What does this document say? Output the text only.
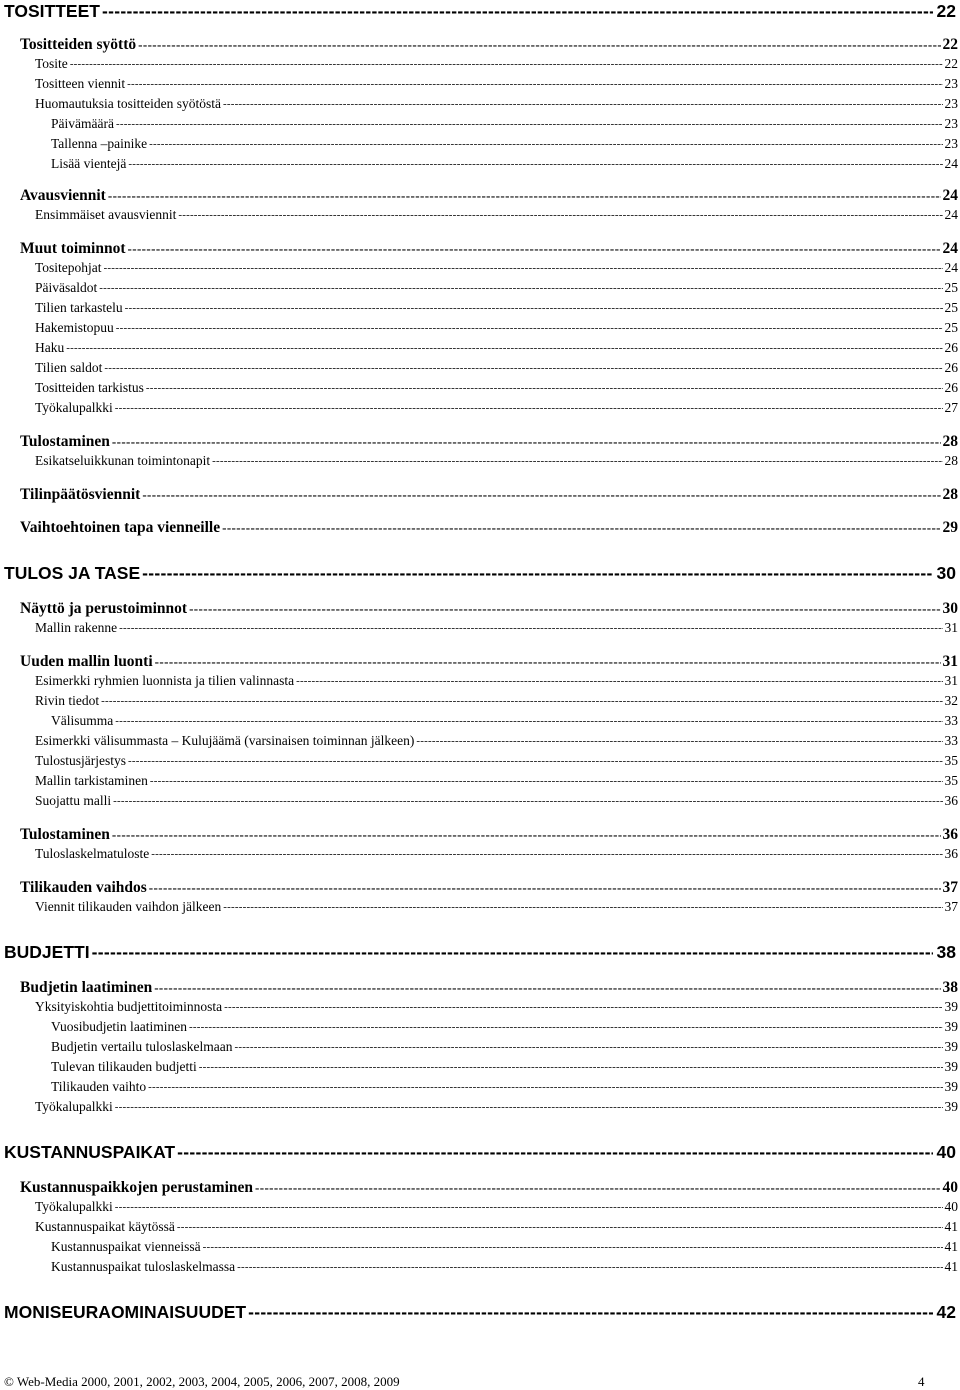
TOSITTEET -----	22
Tositteiden syöttö -----	22
Tosite -----	22
Tositteen viennit -----	23
Huomautuksia tositteiden syötöstä -----	23
Päivämäärä -----	23
Tallenna –painike -----	23
Lisää vientejä -----	24
Avausviennit -----	24
Ensimmäiset avausviennit -----	24
Muut toiminnot -----	24
Tositepohjat -----	24
Päiväsaldot -----	25
Tilien tarkastelu -----	25
Hakemistopuu -----	25
Haku -----	26
Tilien saldot -----	26
Tositteiden tarkistus -----	26
Työkalupalkki -----	27
Tulostaminen -----	28
Esikatseluikkunan toimintonapit -----	28
Tilinpäätösviennit -----	28
Vaihtoehtoinen tapa vienneille -----	29
TULOS JA TASE -----	30
Näyttö ja perustoiminnot -----	30
Mallin rakenne -----	31
Uuden mallin luonti -----	31
Esimerkki ryhmien luonnista ja tilien valinnasta -----	31
Rivin tiedot -----	32
Välisumma -----	33
Esimerkki välisummasta – Kulujäämä (varsinaisen toiminnan jälkeen) -----	33
Tulostusjärjestys -----	35
Mallin tarkistaminen -----	35
Suojattu malli -----	36
Tulostaminen -----	36
Tuloslaskelmatuloste -----	36
Tilikauden vaihdos -----	37
Viennit tilikauden vaihdon jälkeen -----	37
BUDJETTI -----	38
Budjetin laatiminen -----	38
Yksityiskohtia budjettitoiminnosta -----	39
Vuosibudjetin laatiminen -----	39
Budjetin vertailu tuloslaskelmaan -----	39
Tulevan tilikauden budjetti -----	39
Tilikauden vaihto -----	39
Työkalupalkki -----	39
KUSTANNUSPAIKAT -----	40
Kustannuspaikkojen perustaminen -----	40
Työkalupalkki -----	40
Kustannuspaikat käytössä -----	41
Kustannuspaikat vienneissä -----	41
Kustannuspaikat tuloslaskelmassa -----	41
MONISEURAOMINAISUUDET -----	42
© Web-Media 2000, 2001, 2002, 2003, 2004, 2005, 2006, 2007, 2008, 2009	4
